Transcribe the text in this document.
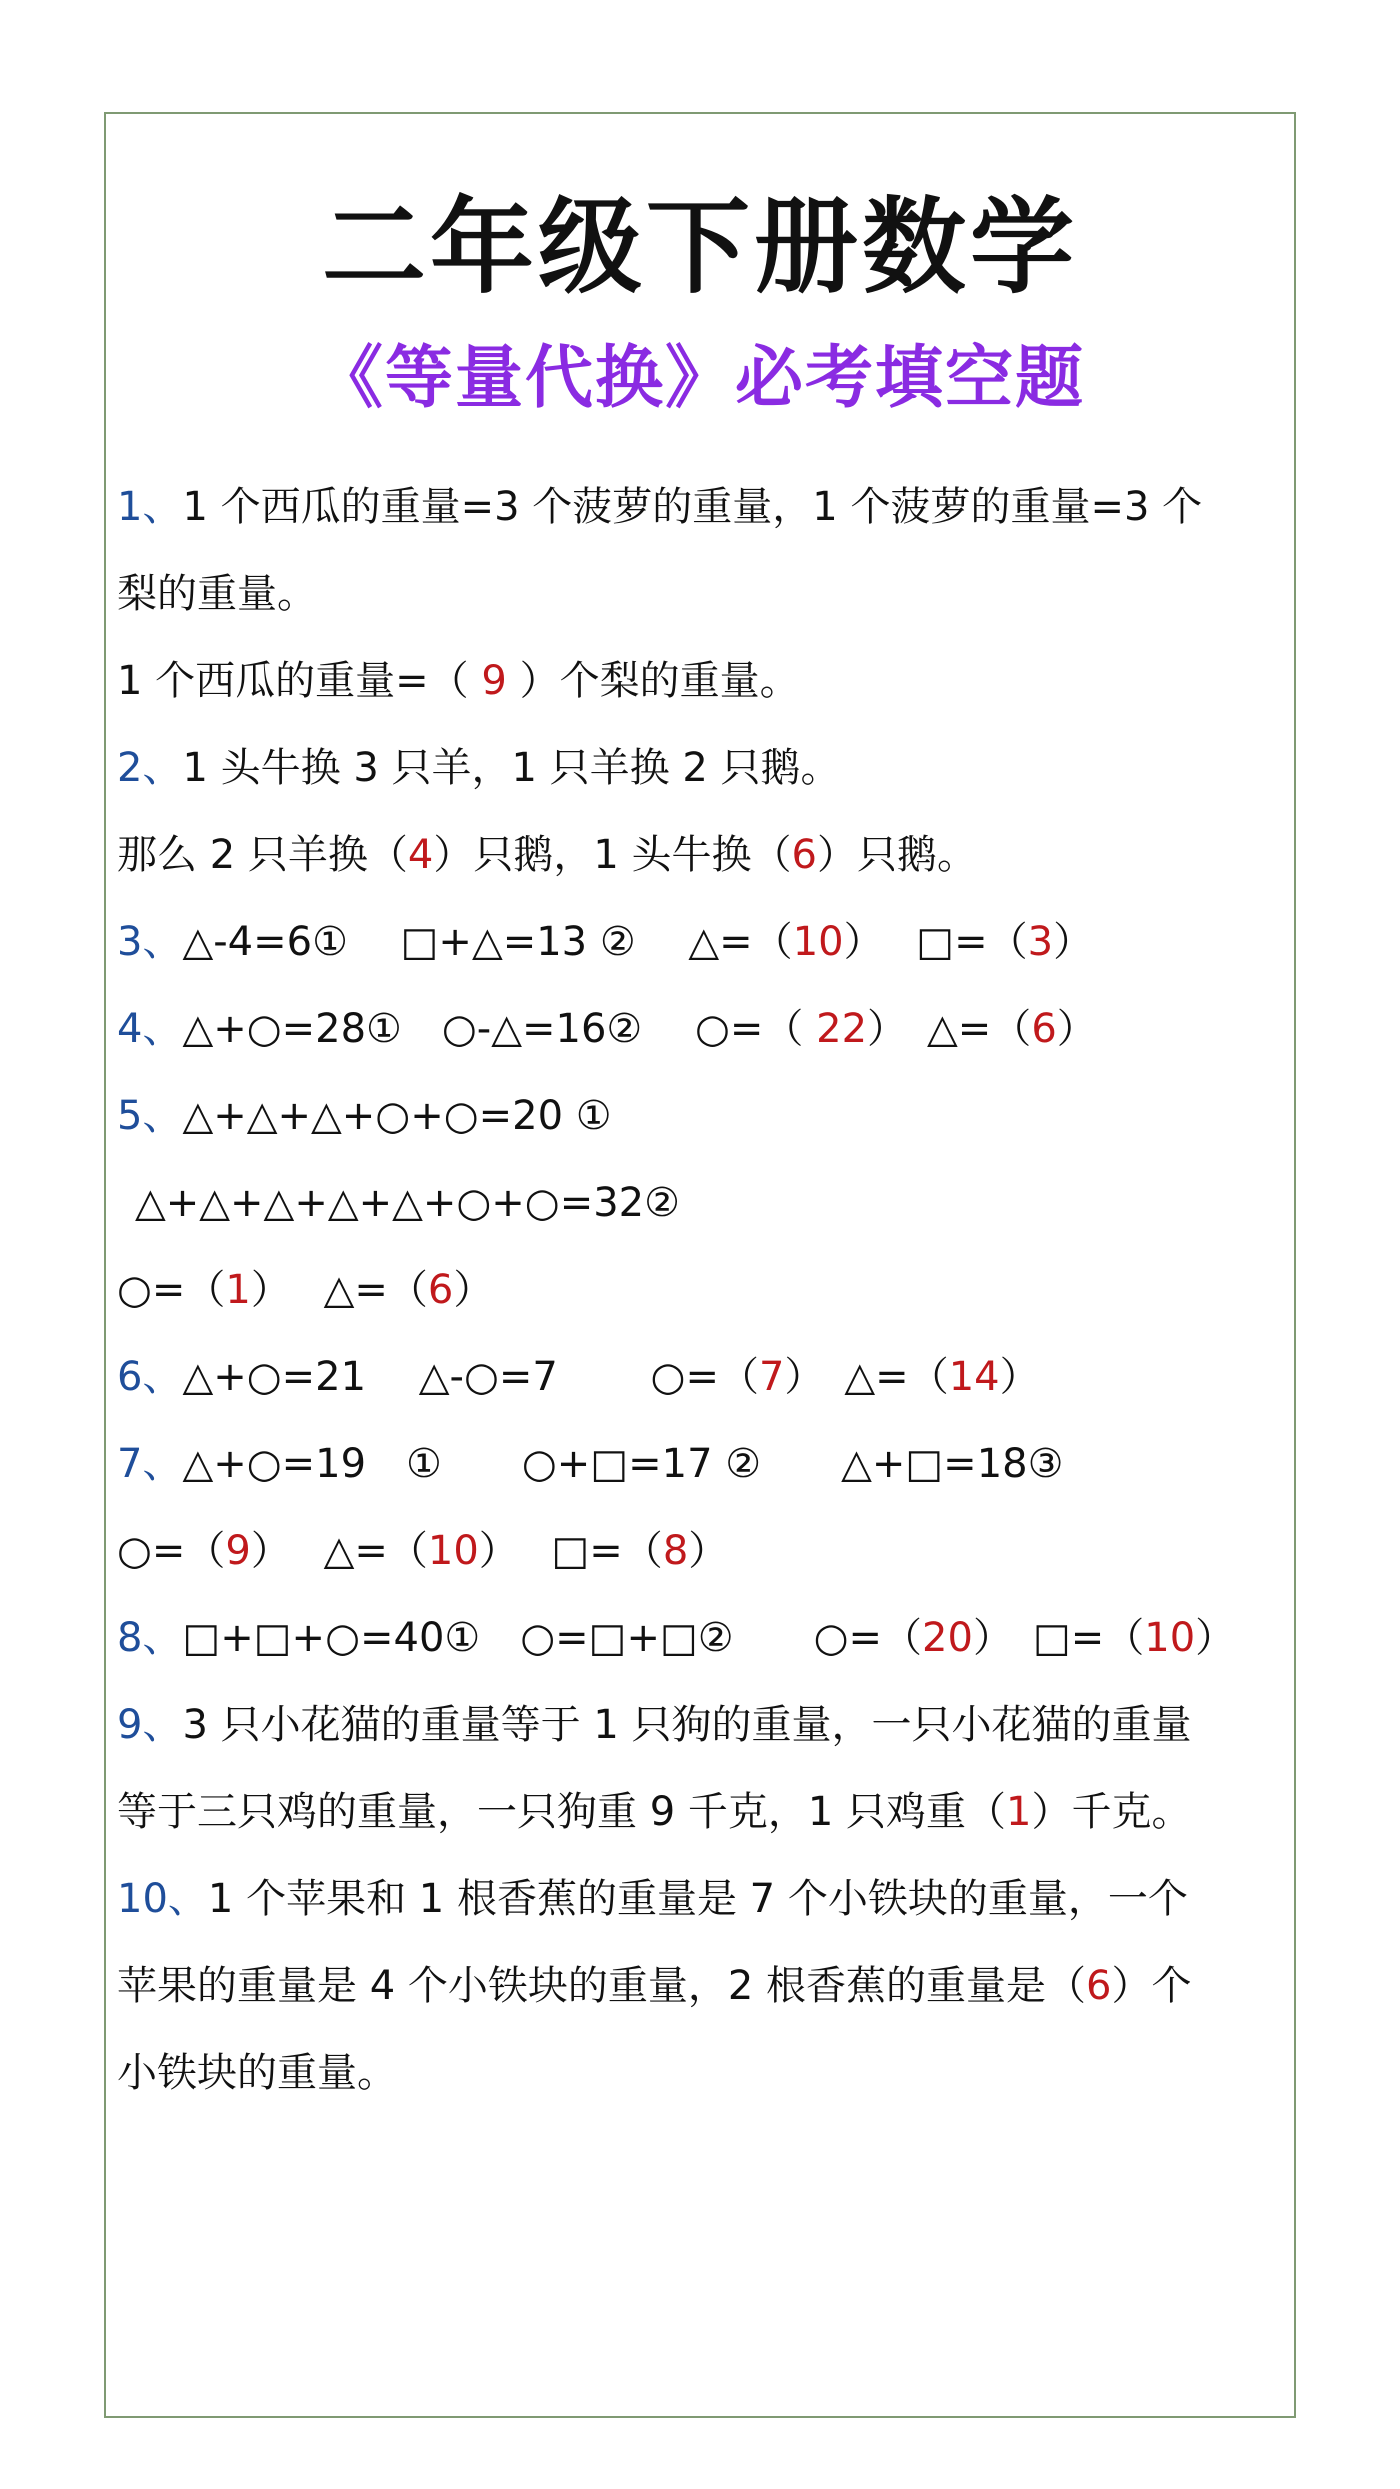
二年级下册数学
《等量代换》必考填空题
1、1 个西瓜的重量=3 个菠萝的重量，1 个菠萝的重量=3 个
梨的重量。
1 个西瓜的重量=（ 9 ）个梨的重量。
2、1 头牛换 3 只羊，1 只羊换 2 只鹅。
那么 2 只羊换（4）只鹅，1 头牛换（6）只鹅。
3、△-4=6①　 □+△=13 ②　 △=（10）　 □=（3）
4、△+○=28①　○-△=16②　 ○=（ 22）　△=（6）
5、△+△+△+○+○=20 ①
△+△+△+△+△+○+○=32②
○=（1）　 △=（6）
6、△+○=21　 △-○=7　　 ○=（7）　△=（14）
7、△+○=19　①　　○+□=17 ②　　△+□=18③
○=（9）　 △=（10）　 □=（8）
8、□+□+○=40①　○=□+□②　　○=（20）　□=（10）
9、3 只小花猫的重量等于 1 只狗的重量，一只小花猫的重量
等于三只鸡的重量，一只狗重 9 千克，1 只鸡重（1）千克。
10、1 个苹果和 1 根香蕉的重量是 7 个小铁块的重量，一个
苹果的重量是 4 个小铁块的重量，2 根香蕉的重量是（6）个
小铁块的重量。
